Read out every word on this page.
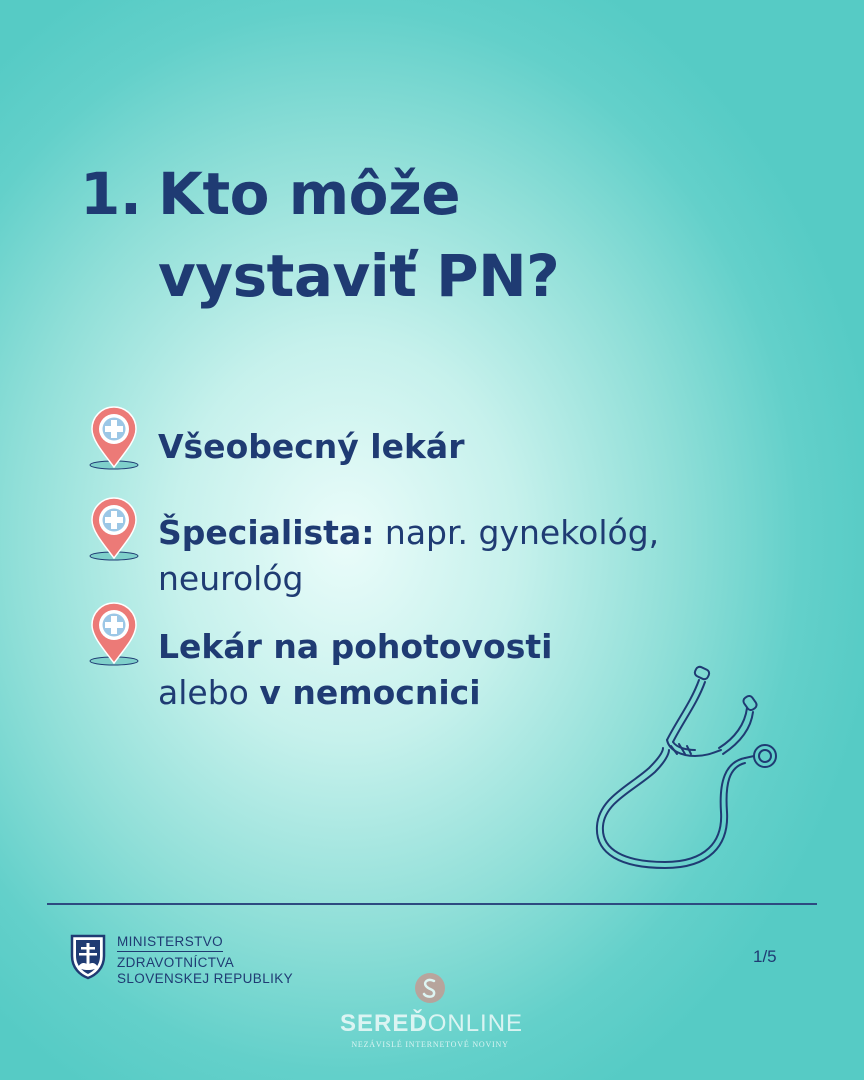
1. Kto môže
vystaviť PN?
Všeobecný lekár
Špecialista: napr. gynekológ,
neurológ
Lekár na pohotovosti
alebo v nemocnici
MINISTERSTVO
ZDRAVOTNÍCTVA
SLOVENSKEJ REPUBLIKY
1/5
SEREĎONLINE
NEZÁVISLÉ INTERNETOVÉ NOVINY
